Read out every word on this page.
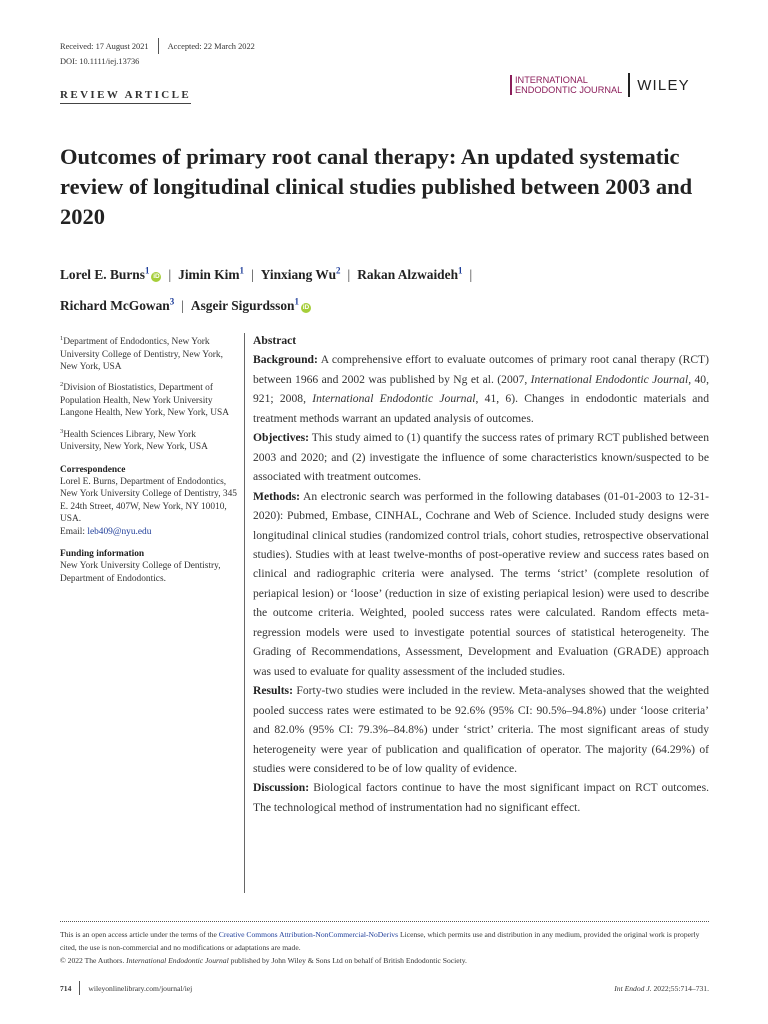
Received: 17 August 2021 Accepted: 22 March 2022
DOI: 10.1111/iej.13736
REVIEW ARTICLE
INTERNATIONAL
ENDODONTIC JOURNAL WILEY
Outcomes of primary root canal therapy: An updated systematic review of longitudinal clinical studies published between 2003 and 2020
Lorel E. Burns$^1$iD | Jimin Kim$^1$ | Yinxiang Wu$^2$ | Rakan Alzwaideh$^1$ |
Richard McGowan$^3$ | Asgeir Sigurdsson$^1$iD

$^1$Department of Endodontics, New York University College of Dentistry, New York, New York, USA

$^2$Division of Biostatistics, Department of Population Health, New York University Langone Health, New York, New York, USA

$^3$Health Sciences Library, New York University, New York, New York, USA

Correspondence

Lorel E. Burns, Department of Endodontics, New York University College of Dentistry, 345 E. 24th Street, 407W, New York, NY 10010, USA.
Email: leb409@nyu.edu

Funding information

New York University College of Dentistry, Department of Endodontics.

Abstract

Background: A comprehensive effort to evaluate outcomes of primary root canal therapy (RCT) between 1966 and 2002 was published by Ng et al. (2007, International Endodontic Journal, 40, 921; 2008, International Endodontic Journal, 41, 6). Changes in endodontic materials and treatment methods warrant an updated analysis of outcomes.

Objectives: This study aimed to (1) quantify the success rates of primary RCT published between 2003 and 2020; and (2) investigate the influence of some characteristics known/suspected to be associated with treatment outcomes.

Methods: An electronic search was performed in the following databases (01-01-2003 to 12-31-2020): Pubmed, Embase, CINHAL, Cochrane and Web of Science. Included study designs were longitudinal clinical studies (randomized control trials, cohort studies, retrospective observational studies). Studies with at least twelve-months of post-operative review and success rates based on clinical and radiographic criteria were analysed. The terms ‘strict’ (complete resolution of periapical lesion) or ‘loose’ (reduction in size of existing periapical lesion) were used to describe the outcome criteria. Weighted, pooled success rates were calculated. Random effects meta-regression models were used to investigate potential sources of statistical heterogeneity. The Grading of Recommendations, Assessment, Development and Evaluation (GRADE) approach was used to evaluate for quality assessment of the included studies.

Results: Forty-two studies were included in the review. Meta-analyses showed that the weighted pooled success rates were estimated to be 92.6% (95% CI: 90.5%–94.8%) under ‘loose criteria’ and 82.0% (95% CI: 79.3%–84.8%) under ‘strict’ criteria. The most significant areas of study heterogeneity were year of publication and qualification of operator. The majority (64.29%) of studies were considered to be of low quality of evidence.

Discussion: Biological factors continue to have the most significant impact on RCT outcomes. The technological method of instrumentation had no significant effect.

This is an open access article under the terms of the Creative Commons Attribution-NonCommercial-NoDerivs License, which permits use and distribution in any medium, provided the original work is properly cited, the use is non-commercial and no modifications or adaptations are made.

© 2022 The Authors. International Endodontic Journal published by John Wiley & Sons Ltd on behalf of British Endodontic Society.

714 wileyonlinelibrary.com/journal/iej	Int Endod J. 2022;55:714–731.
